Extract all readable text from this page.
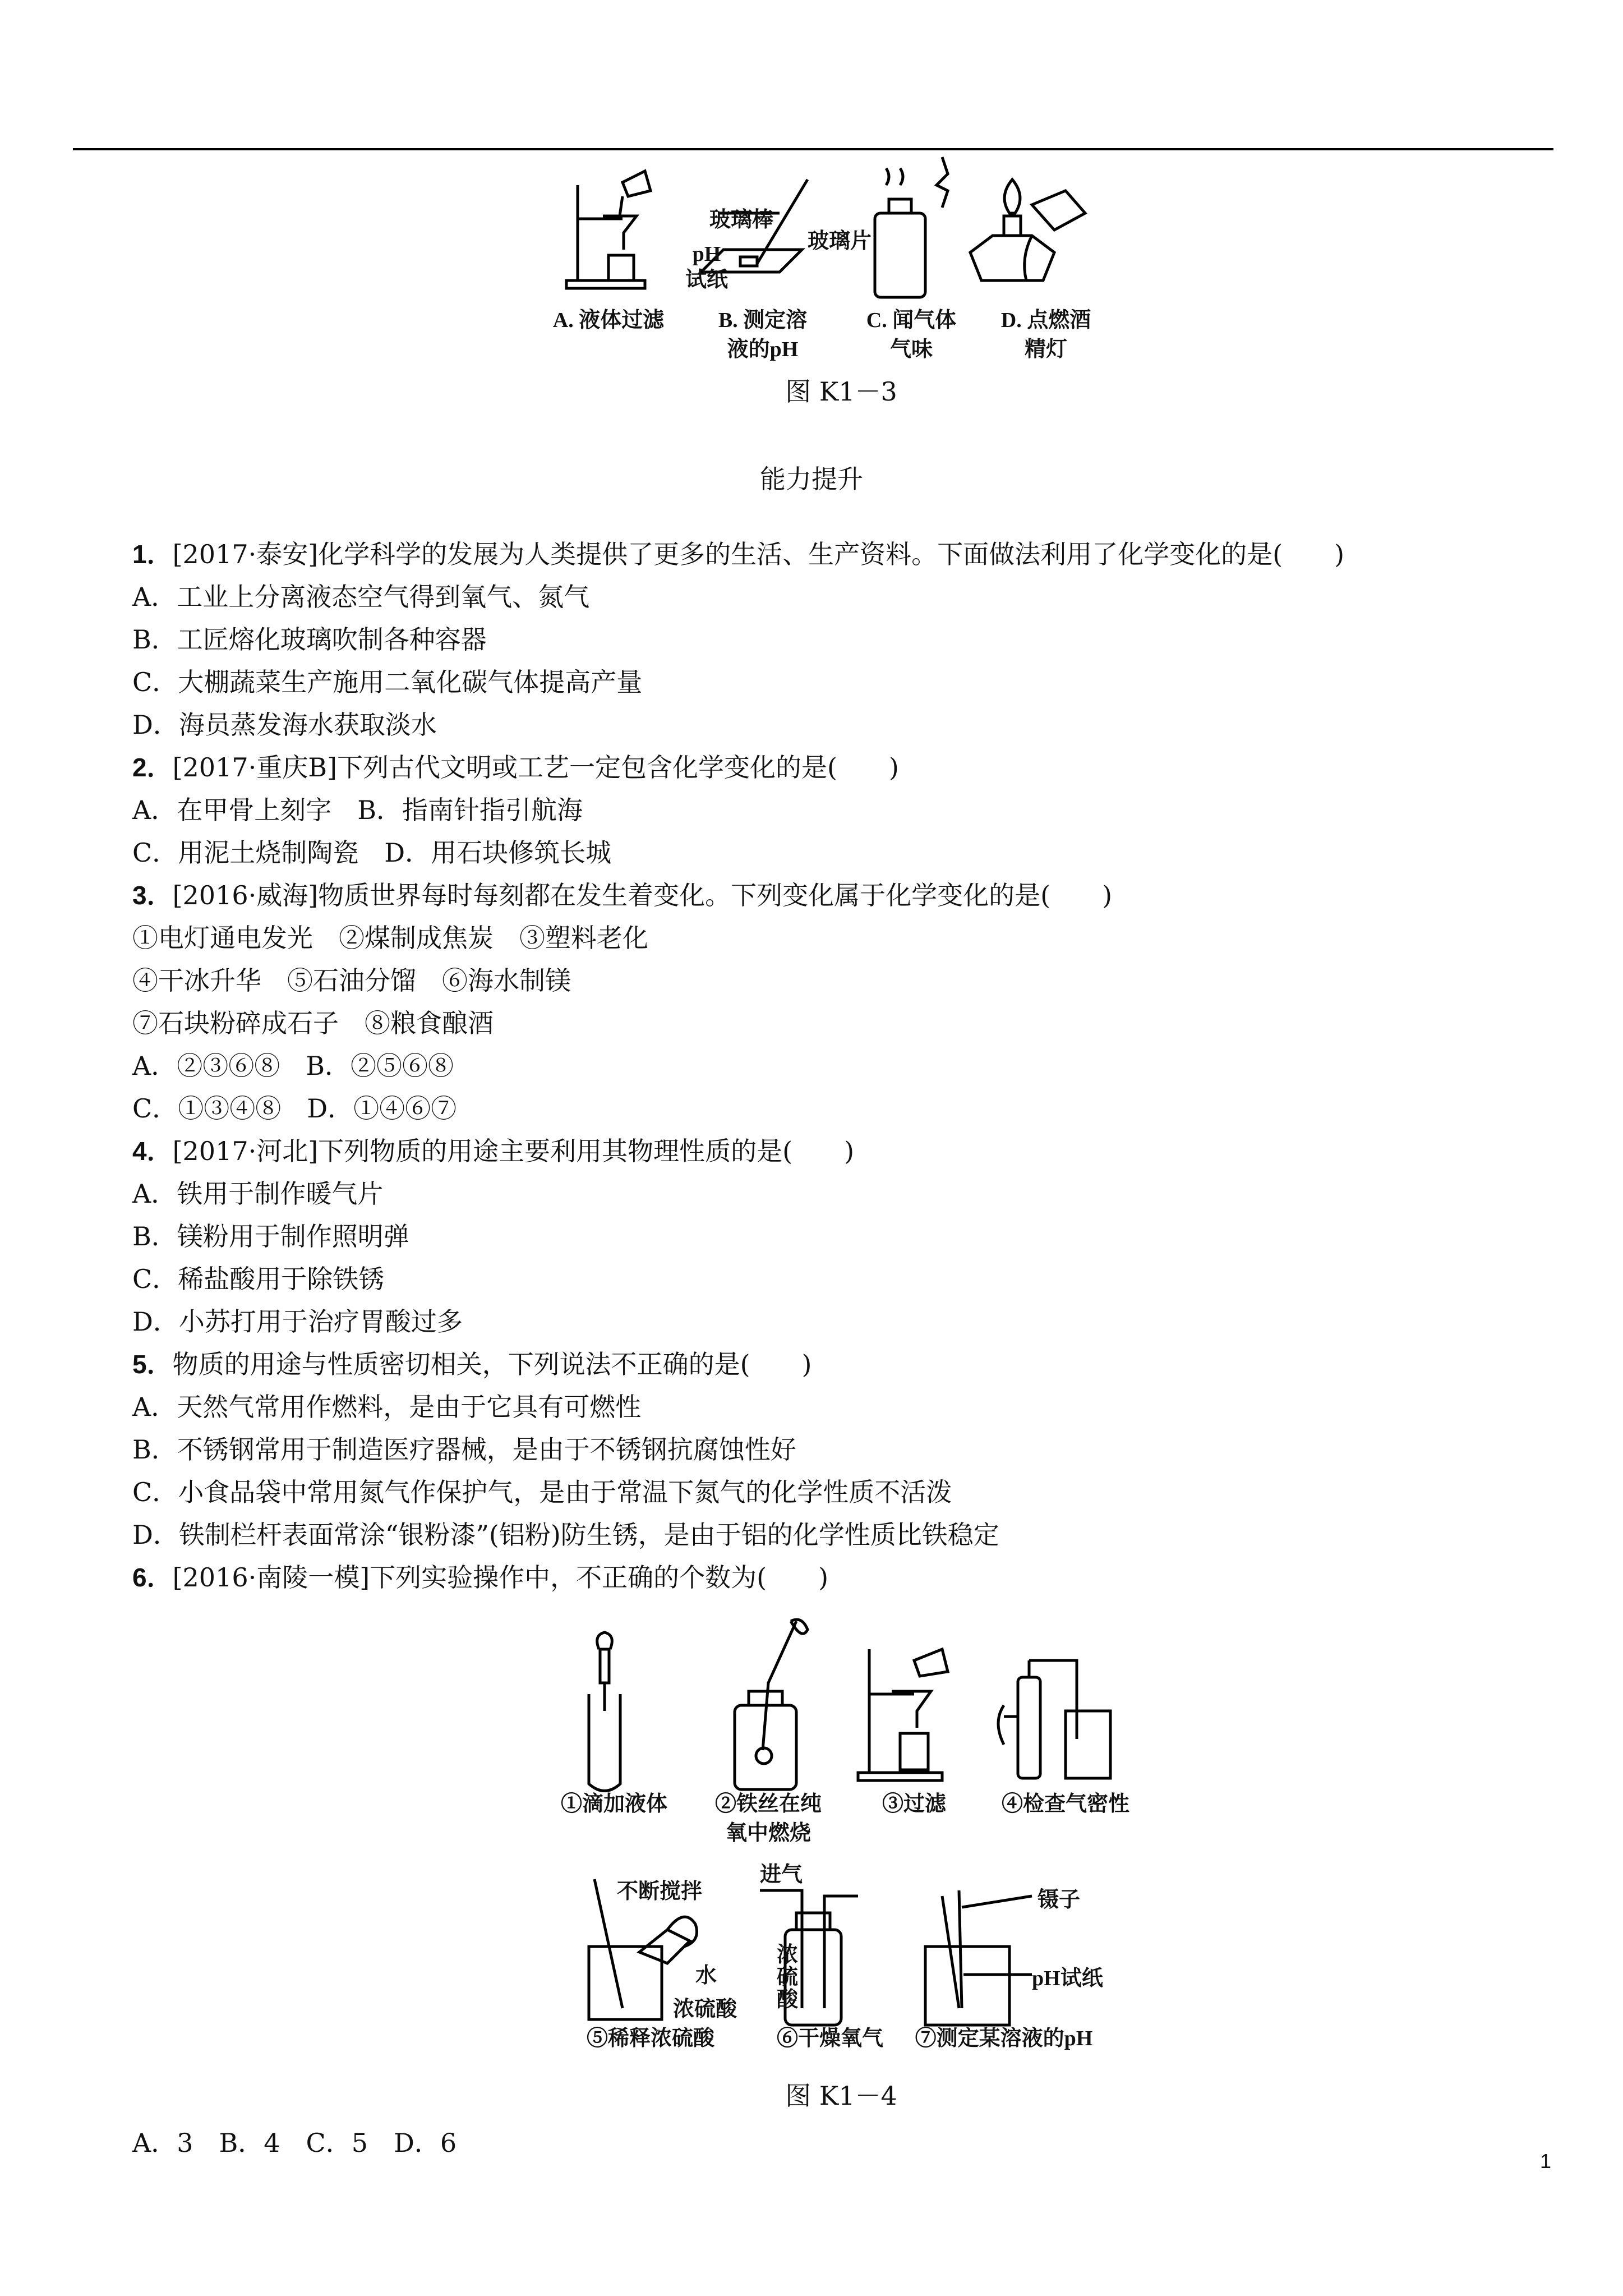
玻璃棒
pH
试纸
玻璃片
A. 液体过滤	B. 测定溶
液的pH
C. 闻气体
气味
D. 点燃酒
精灯
图 K1－3
能力提升
1．[2017·泰安]化学科学的发展为人类提供了更多的生活、生产资料。下面做法利用了化学变化的是(　　)
A．工业上分离液态空气得到氧气、氮气
B．工匠熔化玻璃吹制各种容器
C．大棚蔬菜生产施用二氧化碳气体提高产量
D．海员蒸发海水获取淡水
2．[2017·重庆B]下列古代文明或工艺一定包含化学变化的是(　　)
A．在甲骨上刻字　B．指南针指引航海
C．用泥土烧制陶瓷　D．用石块修筑长城
3．[2016·威海]物质世界每时每刻都在发生着变化。下列变化属于化学变化的是(　　)
①电灯通电发光　②煤制成焦炭　③塑料老化
④干冰升华　⑤石油分馏　⑥海水制镁
⑦石块粉碎成石子　⑧粮食酿酒
A．②③⑥⑧　B．②⑤⑥⑧
C．①③④⑧　D．①④⑥⑦
4．[2017·河北]下列物质的用途主要利用其物理性质的是(　　)
A．铁用于制作暖气片
B．镁粉用于制作照明弹
C．稀盐酸用于除铁锈
D．小苏打用于治疗胃酸过多
5．物质的用途与性质密切相关，下列说法不正确的是(　　)
A．天然气常用作燃料，是由于它具有可燃性
B．不锈钢常用于制造医疗器械，是由于不锈钢抗腐蚀性好
C．小食品袋中常用氮气作保护气，是由于常温下氮气的化学性质不活泼
D．铁制栏杆表面常涂“银粉漆”(铝粉)防生锈，是由于铝的化学性质比铁稳定
6．[2016·南陵一模]下列实验操作中，不正确的个数为(　　)
不断搅拌
水
浓硫酸
进气
浓
硫
酸
镊子
pH试纸
①滴加液体	②铁丝在纯
氧中燃烧
③过滤	④检查气密性
⑤稀释浓硫酸	⑥干燥氧气	⑦测定某溶液的pH
图 K1－4
A．3　B．4　C．5　D．6
1
